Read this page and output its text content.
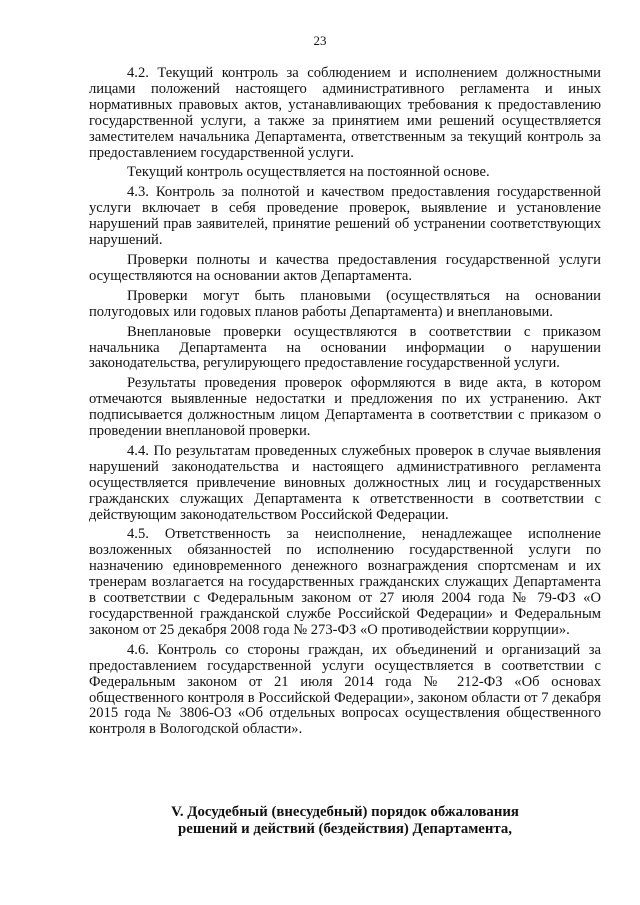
23

4.2. Текущий контроль за соблюдением и исполнением должностными лицами положений настоящего административного регламента и иных нормативных правовых актов, устанавливающих требования к предоставлению государственной услуги, а также за принятием ими решений осуществляется заместителем начальника Департамента, ответственным за текущий контроль за предоставлением государственной услуги.

Текущий контроль осуществляется на постоянной основе.

4.3. Контроль за полнотой и качеством предоставления государственной услуги включает в себя проведение проверок, выявление и установление нарушений прав заявителей, принятие решений об устранении соответствующих нарушений.

Проверки полноты и качества предоставления государственной услуги осуществляются на основании актов Департамента.

Проверки могут быть плановыми (осуществляться на основании полугодовых или годовых планов работы Департамента) и внеплановыми.

Внеплановые проверки осуществляются в соответствии с приказом начальника Департамента на основании информации о нарушении законодательства, регулирующего предоставление государственной услуги.

Результаты проведения проверок оформляются в виде акта, в котором отмечаются выявленные недостатки и предложения по их устранению. Акт подписывается должностным лицом Департамента в соответствии с приказом о проведении внеплановой проверки.

4.4. По результатам проведенных служебных проверок в случае выявления нарушений законодательства и настоящего административного регламента осуществляется привлечение виновных должностных лиц и государственных гражданских служащих Департамента к ответственности в соответствии с действующим законодательством Российской Федерации.

4.5. Ответственность за неисполнение, ненадлежащее исполнение возложенных обязанностей по исполнению государственной услуги по назначению единовременного денежного вознаграждения спортсменам и их тренерам возлагается на государственных гражданских служащих Департамента в соответствии с Федеральным законом от 27 июля 2004 года № 79-ФЗ «О государственной гражданской службе Российской Федерации» и Федеральным законом от 25 декабря 2008 года № 273-ФЗ «О противодействии коррупции».

4.6. Контроль со стороны граждан, их объединений и организаций за предоставлением государственной услуги осуществляется в соответствии с Федеральным законом от 21 июля 2014 года № 212-ФЗ «Об основах общественного контроля в Российской Федерации», законом области от 7 декабря 2015 года № 3806-ОЗ «Об отдельных вопросах осуществления общественного контроля в Вологодской области».

V. Досудебный (внесудебный) порядок обжалования
решений и действий (бездействия) Департамента,
